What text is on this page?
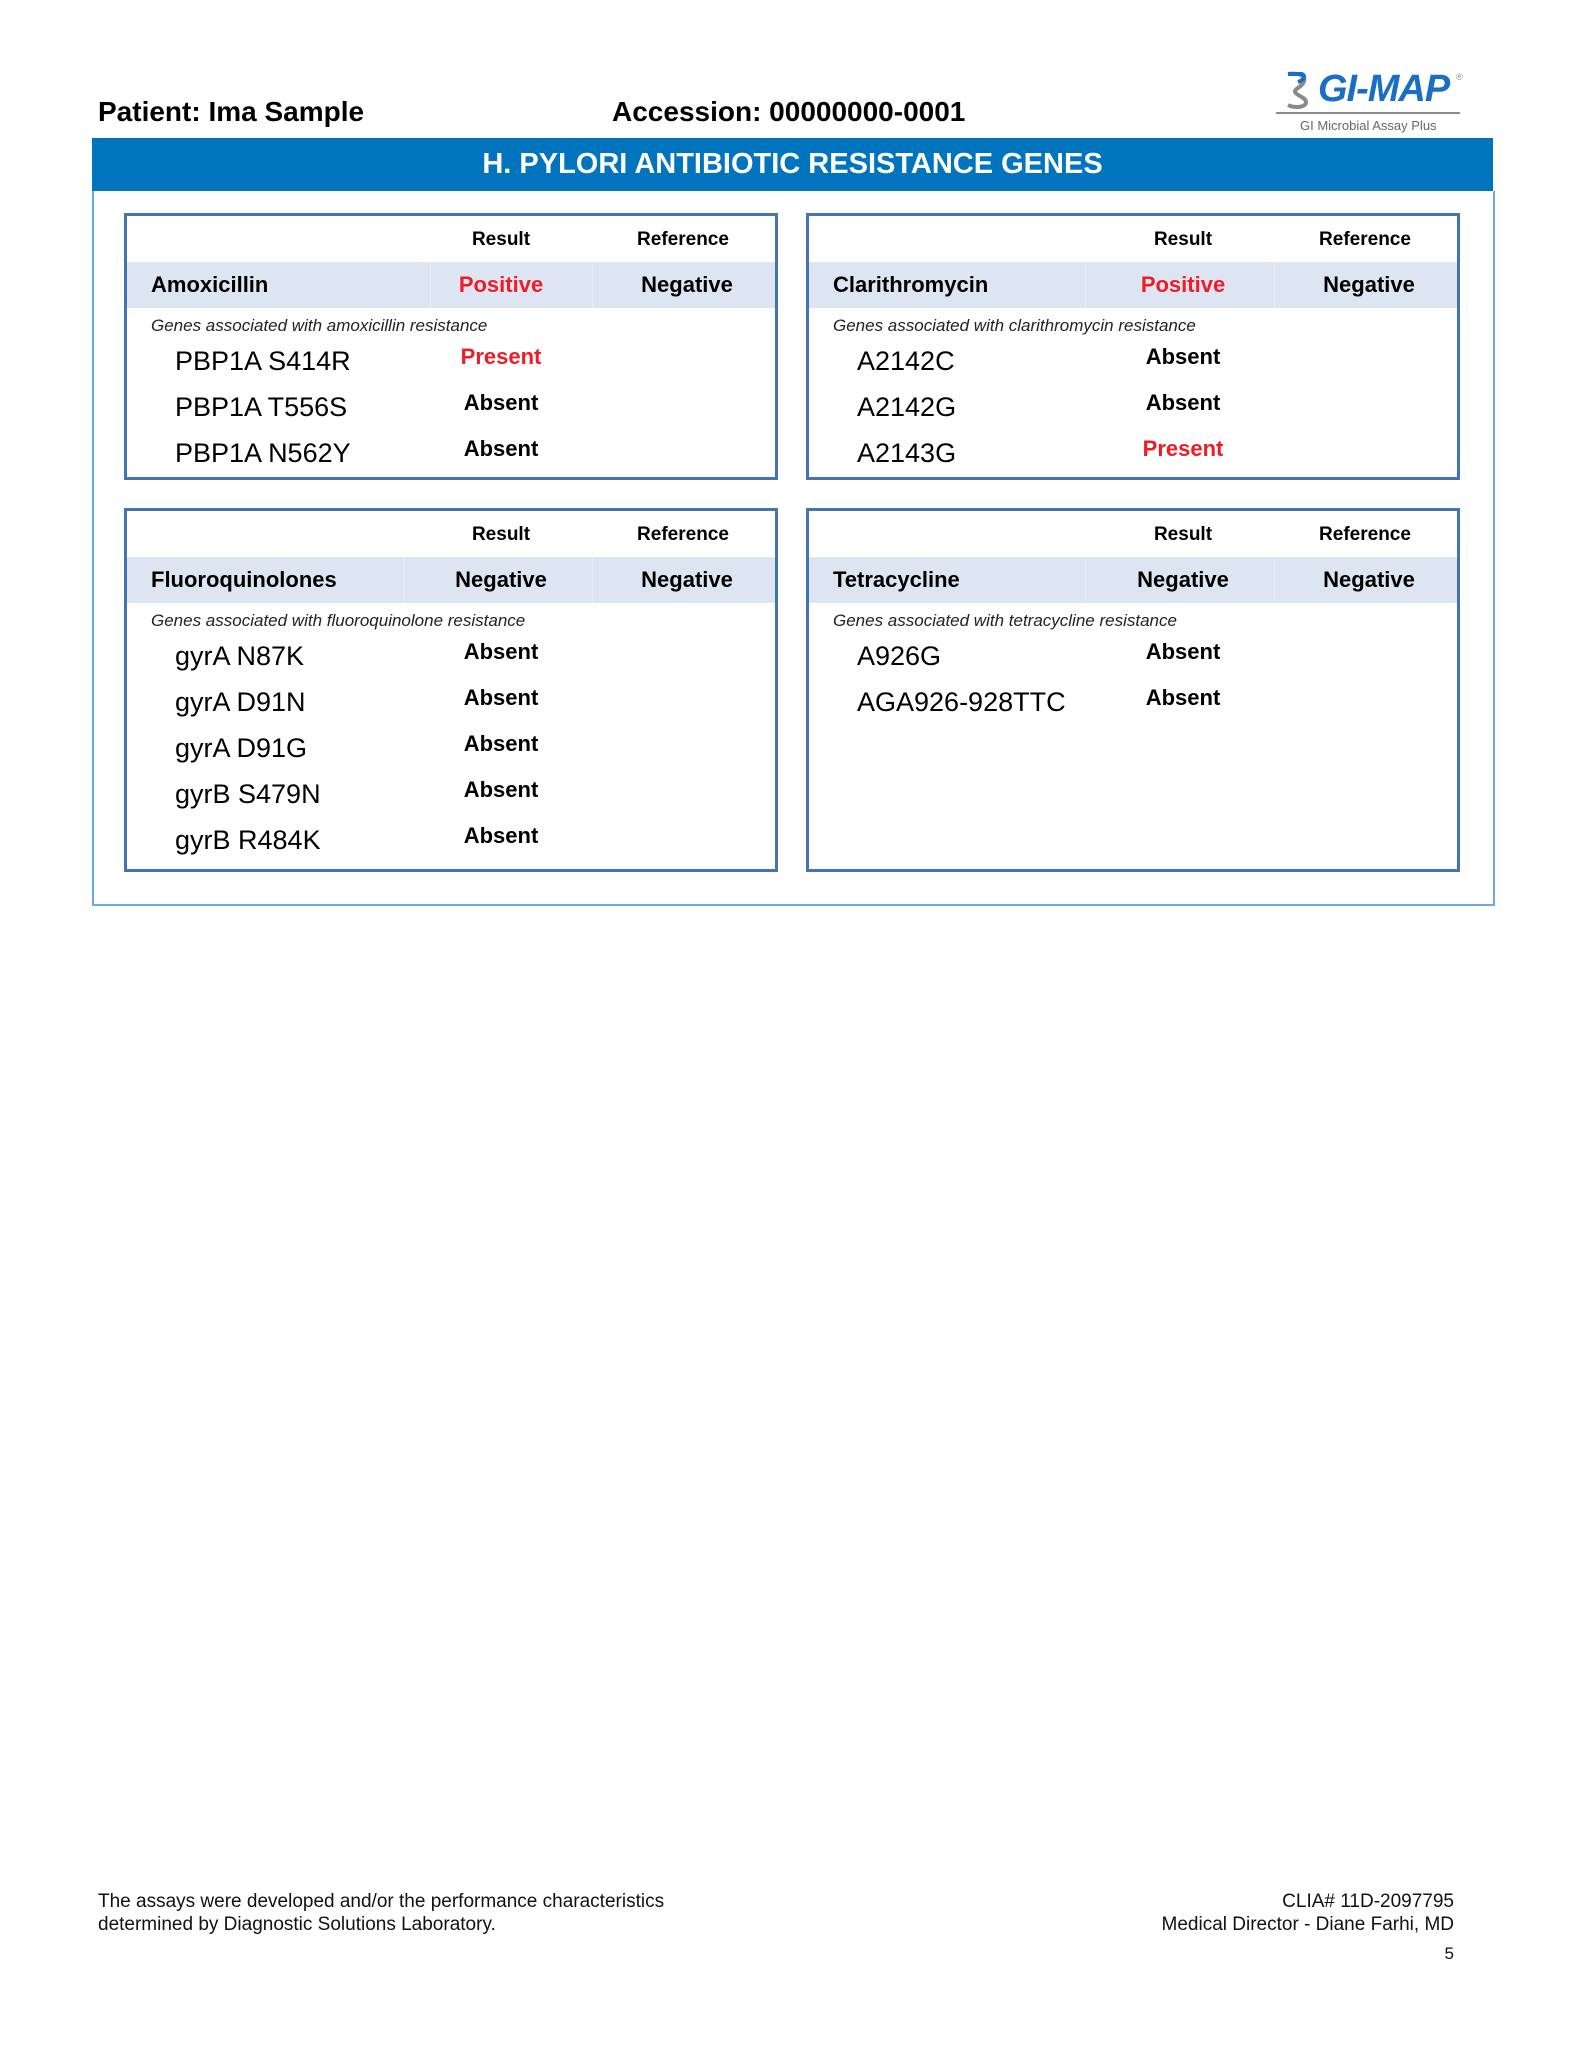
Patient: Ima Sample	Accession: 00000000-0001
GI-MAP ®
GI Microbial Assay Plus
H. PYLORI ANTIBIOTIC RESISTANCE GENES
Result	Reference
Amoxicillin	Positive	Negative
Genes associated with amoxicillin resistance
PBP1A S414R	Present
PBP1A T556S	Absent
PBP1A N562Y	Absent
Result	Reference
Clarithromycin	Positive	Negative
Genes associated with clarithromycin resistance
A2142C	Absent
A2142G	Absent
A2143G	Present
Result	Reference
Fluoroquinolones	Negative	Negative
Genes associated with fluoroquinolone resistance
gyrA N87K	Absent
gyrA D91N	Absent
gyrA D91G	Absent
gyrB S479N	Absent
gyrB R484K	Absent
Result	Reference
Tetracycline	Negative	Negative
Genes associated with tetracycline resistance
A926G	Absent
AGA926-928TTC	Absent
The assays were developed and/or the performance characteristics
determined by Diagnostic Solutions Laboratory.
CLIA# 11D-2097795
Medical Director - Diane Farhi, MD
5
